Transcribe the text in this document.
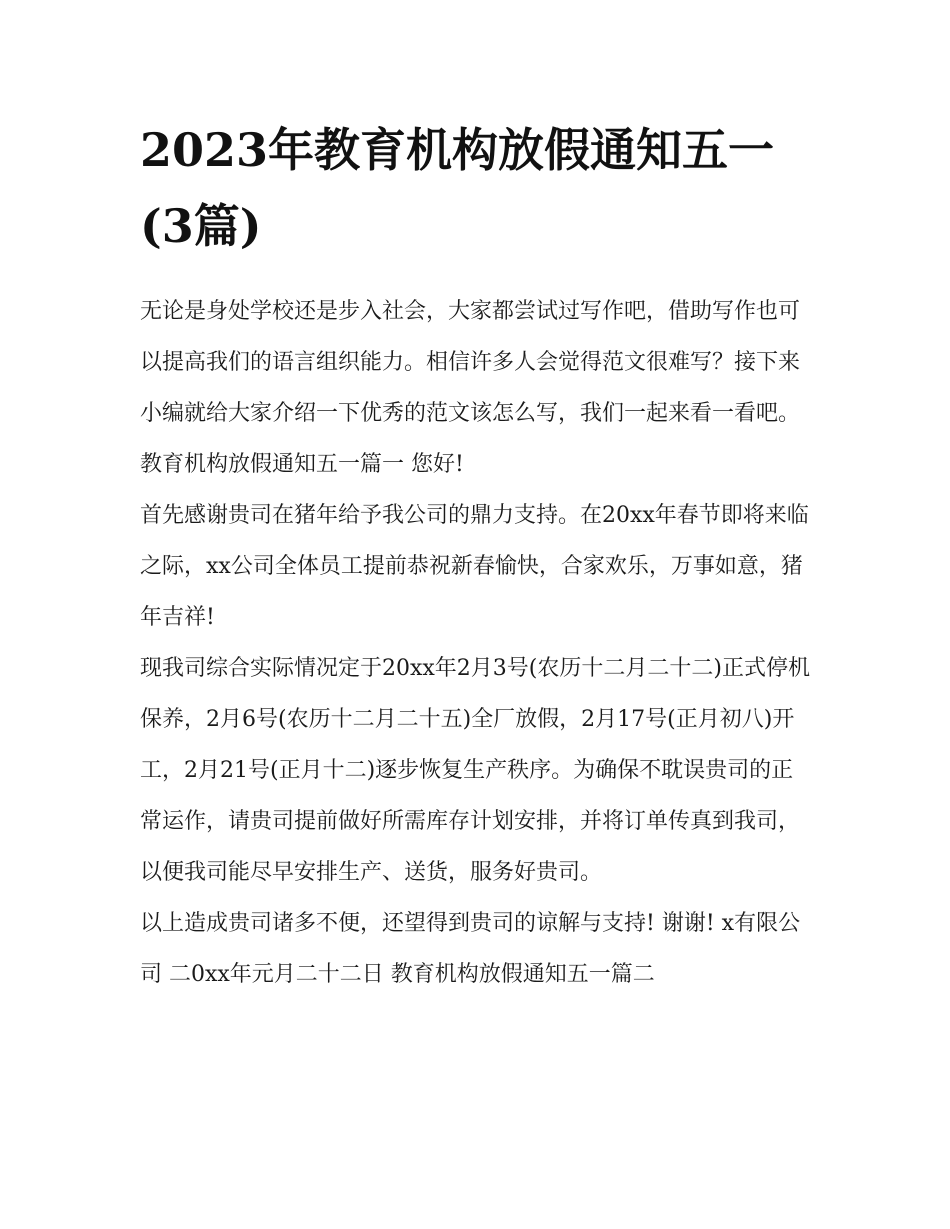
2023年教育机构放假通知五一
(3篇)

无论是身处学校还是步入社会，大家都尝试过写作吧，借助写作也可以提高我们的语言组织能力。相信许多人会觉得范文很难写？接下来小编就给大家介绍一下优秀的范文该怎么写，我们一起来看一看吧。

教育机构放假通知五一篇一 您好!

首先感谢贵司在猪年给予我公司的鼎力支持。在20xx年春节即将来临之际，xx公司全体员工提前恭祝新春愉快，合家欢乐，万事如意，猪年吉祥!

现我司综合实际情况定于20xx年2月3号(农历十二月二十二)正式停机保养，2月6号(农历十二月二十五)全厂放假，2月17号(正月初八)开工，2月21号(正月十二)逐步恢复生产秩序。为确保不耽误贵司的正常运作，请贵司提前做好所需库存计划安排，并将订单传真到我司，以便我司能尽早安排生产、送货，服务好贵司。

以上造成贵司诸多不便，还望得到贵司的谅解与支持! 谢谢! x有限公司 二0xx年元月二十二日 教育机构放假通知五一篇二
